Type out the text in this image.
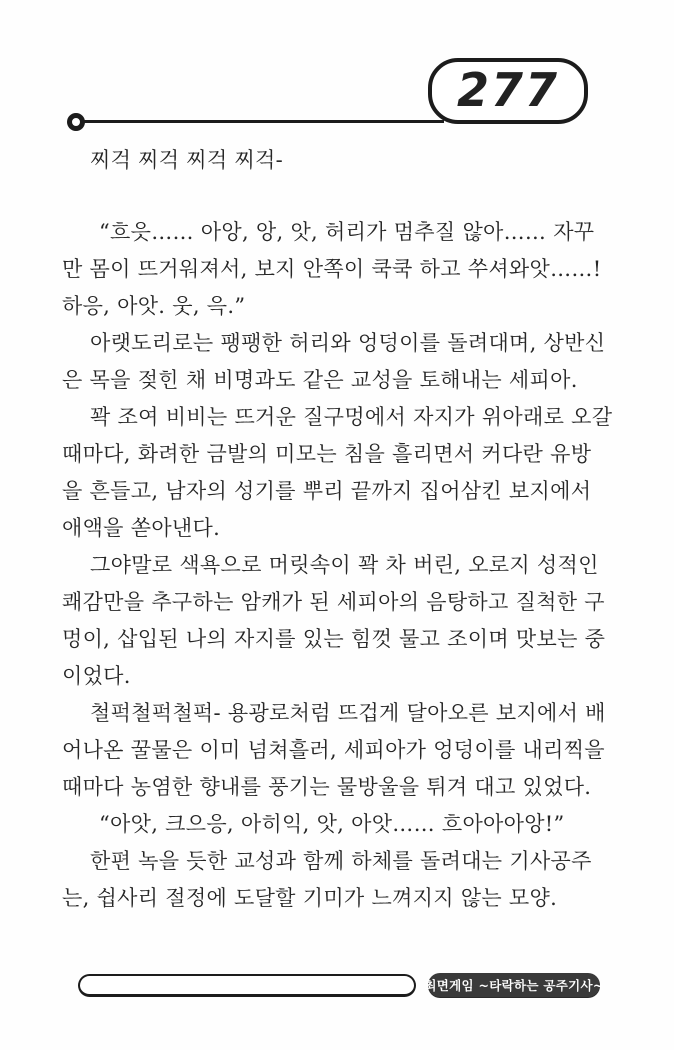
277
찌걱 찌걱 찌걱 찌걱-
“흐읏…… 아앙, 앙, 앗, 허리가 멈추질 않아…… 자꾸
만 몸이 뜨거워져서, 보지 안쪽이 쿡쿡 하고 쑤셔와앗……!
하응, 아앗. 웃, 윽.”
아랫도리로는 팽팽한 허리와 엉덩이를 돌려대며, 상반신
은 목을 젖힌 채 비명과도 같은 교성을 토해내는 세피아.
꽉 조여 비비는 뜨거운 질구멍에서 자지가 위아래로 오갈
때마다, 화려한 금발의 미모는 침을 흘리면서 커다란 유방
을 흔들고, 남자의 성기를 뿌리 끝까지 집어삼킨 보지에서
애액을 쏟아낸다.
그야말로 색욕으로 머릿속이 꽉 차 버린, 오로지 성적인
쾌감만을 추구하는 암캐가 된 세피아의 음탕하고 질척한 구
멍이, 삽입된 나의 자지를 있는 힘껏 물고 조이며 맛보는 중
이었다.
철퍽철퍽철퍽- 용광로처럼 뜨겁게 달아오른 보지에서 배
어나온 꿀물은 이미 넘쳐흘러, 세피아가 엉덩이를 내리찍을
때마다 농염한 향내를 풍기는 물방울을 튀겨 대고 있었다.
“아앗, 크으응, 아히익, 앗, 아앗…… 흐아아아앙!”
한편 녹을 듯한 교성과 함께 하체를 돌려대는 기사공주
는, 쉽사리 절정에 도달할 기미가 느껴지지 않는 모양.
최면게임 ~타락하는 공주기사~
